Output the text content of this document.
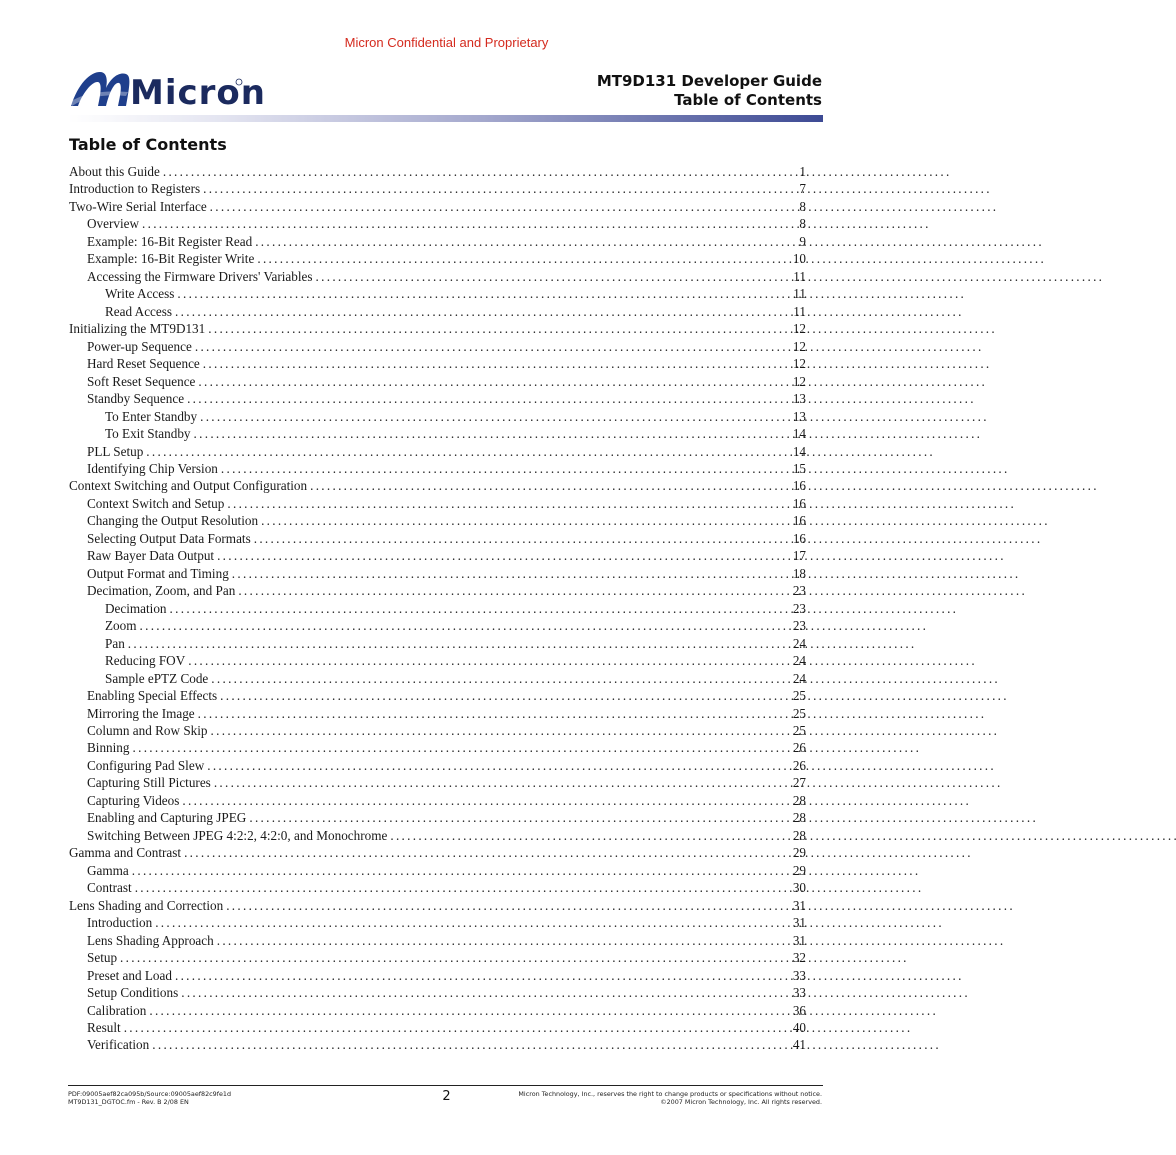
Micron Confidential and Proprietary
Micron	MT9D131 Developer Guide
Table of Contents
Table of Contents
About this Guide . . .	1
Introduction to Registers . . .	7
Two-Wire Serial Interface . . .	8
Overview . . .	8
Example: 16-Bit Register Read . . .	9
Example: 16-Bit Register Write . . .	10
Accessing the Firmware Drivers' Variables . . .	11
Write Access . . .	11
Read Access . . .	11
Initializing the MT9D131 . . .	12
Power-up Sequence . . .	12
Hard Reset Sequence . . .	12
Soft Reset Sequence . . .	12
Standby Sequence . . .	13
To Enter Standby . . .	13
To Exit Standby . . .	14
PLL Setup . . .	14
Identifying Chip Version . . .	15
Context Switching and Output Configuration . . .	16
Context Switch and Setup . . .	16
Changing the Output Resolution . . .	16
Selecting Output Data Formats . . .	16
Raw Bayer Data Output . . .	17
Output Format and Timing . . .	18
Decimation, Zoom, and Pan . . .	23
Decimation . . .	23
Zoom . . .	23
Pan . . .	24
Reducing FOV . . .	24
Sample ePTZ Code . . .	24
Enabling Special Effects . . .	25
Mirroring the Image . . .	25
Column and Row Skip . . .	25
Binning . . .	26
Configuring Pad Slew . . .	26
Capturing Still Pictures . . .	27
Capturing Videos . . .	28
Enabling and Capturing JPEG . . .	28
Switching Between JPEG 4:2:2, 4:2:0, and Monochrome . . .	28
Gamma and Contrast . . .	29
Gamma . . .	29
Contrast . . .	30
Lens Shading and Correction . . .	31
Introduction . . .	31
Lens Shading Approach . . .	31
Setup . . .	32
Preset and Load . . .	33
Setup Conditions . . .	33
Calibration . . .	36
Result . . .	40
Verification . . .	41
PDF:09005aef82ca095b/Source:09005aef82c9fe1d
MT9D131_DGTOC.fm - Rev. B 2/08 EN	2	Micron Technology, Inc., reserves the right to change products or specifications without notice.
©2007 Micron Technology, Inc. All rights reserved.
